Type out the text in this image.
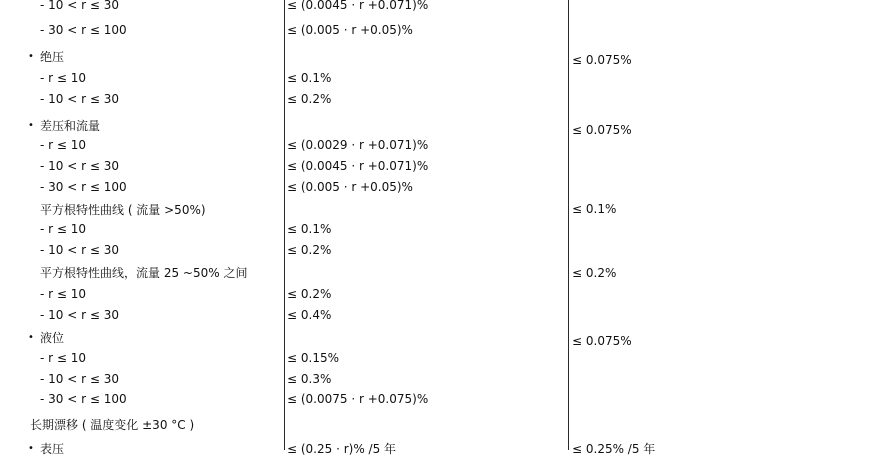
- 10 < r ≤ 30
- 30 < r ≤ 100
• 绝压
- r ≤ 10
- 10 < r ≤ 30
• 差压和流量
- r ≤ 10
- 10 < r ≤ 30
- 30 < r ≤ 100
平方根特性曲线 ( 流量 >50%)
- r ≤ 10
- 10 < r ≤ 30
平方根特性曲线，流量 25 ~50% 之间
- r ≤ 10
- 10 < r ≤ 30
• 液位
- r ≤ 10
- 10 < r ≤ 30
- 30 < r ≤ 100
长期漂移 ( 温度变化 ±30 °C )
• 表压
≤ (0.0045 · r +0.071)%
≤ (0.005 · r +0.05)%
≤ 0.1%
≤ 0.2%
≤ (0.0029 · r +0.071)%
≤ (0.0045 · r +0.071)%
≤ (0.005 · r +0.05)%
≤ 0.1%
≤ 0.2%
≤ 0.2%
≤ 0.4%
≤ 0.15%
≤ 0.3%
≤ (0.0075 · r +0.075)%
≤ (0.25 · r)% /5 年
≤ 0.075%
≤ 0.075%
≤ 0.1%
≤ 0.2%
≤ 0.075%
≤ 0.25% /5 年
